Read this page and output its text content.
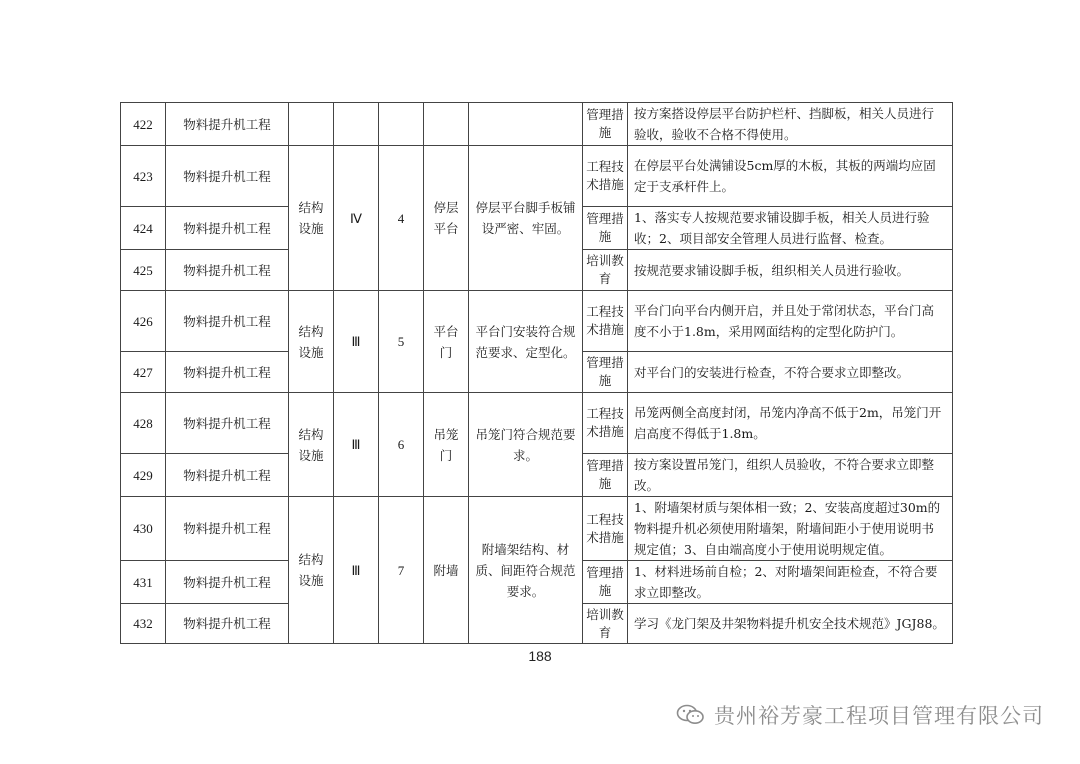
422	物料提升机工程						管理措施	按方案搭设停层平台防护栏杆、挡脚板，相关人员进行验收，验收不合格不得使用。
423	物料提升机工程	结构设施	Ⅳ	4	停层平台	停层平台脚手板铺设严密、牢固。	工程技术措施	在停层平台处满铺设5cm厚的木板，其板的两端均应固定于支承杆件上。
424	物料提升机工程						管理措施	1、落实专人按规范要求铺设脚手板，相关人员进行验收；2、项目部安全管理人员进行监督、检查。
425	物料提升机工程						培训教育	按规范要求铺设脚手板，组织相关人员进行验收。
426	物料提升机工程	结构设施	Ⅲ	5	平台门	平台门安装符合规范要求、定型化。	工程技术措施	平台门向平台内侧开启，并且处于常闭状态，平台门高度不小于1.8m，采用网面结构的定型化防护门。
427	物料提升机工程						管理措施	对平台门的安装进行检查，不符合要求立即整改。
428	物料提升机工程	结构设施	Ⅲ	6	吊笼门	吊笼门符合规范要求。	工程技术措施	吊笼两侧全高度封闭，吊笼内净高不低于2m，吊笼门开启高度不得低于1.8m。
429	物料提升机工程						管理措施	按方案设置吊笼门，组织人员验收，不符合要求立即整改。
430	物料提升机工程	结构设施	Ⅲ	7	附墙	附墙架结构、材质、间距符合规范要求。	工程技术措施	1、附墙架材质与架体相一致；2、安装高度超过30m的物料提升机必须使用附墙架，附墙间距小于使用说明书规定值；3、自由端高度小于使用说明规定值。
431	物料提升机工程						管理措施	1、材料进场前自检；2、对附墙架间距检查，不符合要求立即整改。
432	物料提升机工程						培训教育	学习《龙门架及井架物料提升机安全技术规范》JGJ88。
188
贵州裕芳豪工程项目管理有限公司
